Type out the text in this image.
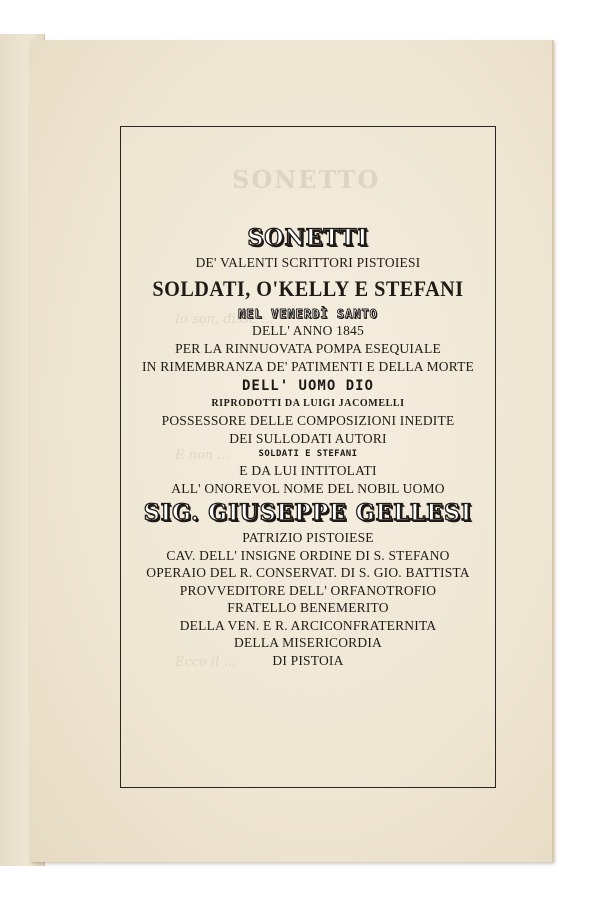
SONETTI
DE' VALENTI SCRITTORI PISTOIESI
SOLDATI, O'KELLY E STEFANI
NEL VENERDÌ SANTO
DELL' ANNO 1845
PER LA RINNUOVATA POMPA ESEQUIALE
IN RIMEMBRANZA DE' PATIMENTI E DELLA MORTE
DELL' UOMO DIO
RIPRODOTTI DA LUIGI JACOMELLI
POSSESSORE DELLE COMPOSIZIONI INEDITE
DEI SULLODATI AUTORI
SOLDATI E STEFANI
E DA LUI INTITOLATI
ALL' ONOREVOL NOME DEL NOBIL UOMO
SIG. GIUSEPPE GELLESI
PATRIZIO PISTOIESE
CAV. DELL' INSIGNE ORDINE DI S. STEFANO
OPERAIO DEL R. CONSERVAT. DI S. GIO. BATTISTA
PROVVEDITORE DELL' ORFANOTROFIO
FRATELLO BENEMERITO
DELLA VEN. E R. ARCICONFRATERNITA
DELLA MISERICORDIA
DI PISTOIA
